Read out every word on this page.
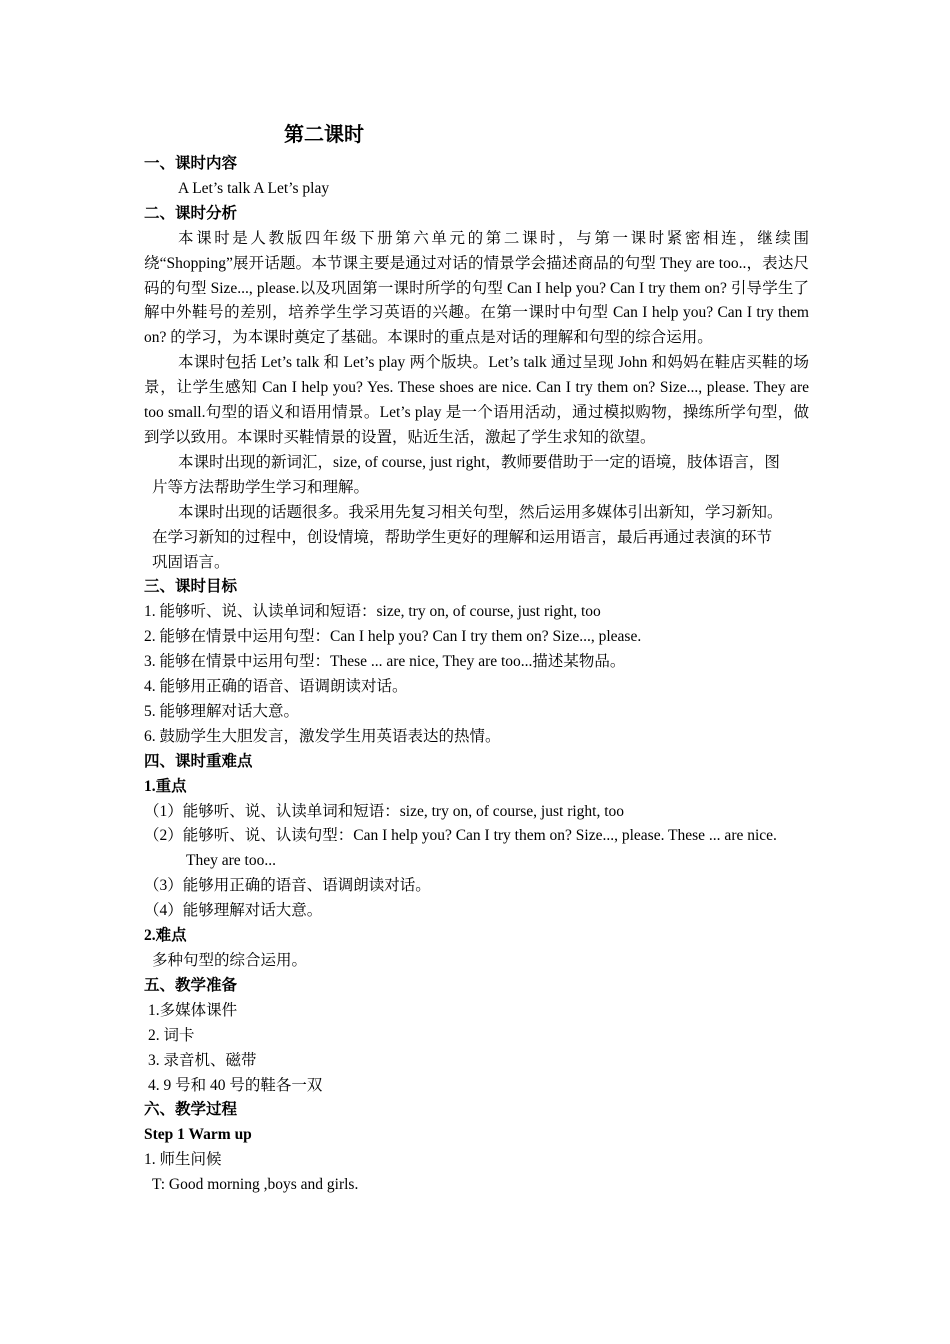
第二课时
一、课时内容
A Let’s talk A Let’s play
二、课时分析
本课时是人教版四年级下册第六单元的第二课时，与第一课时紧密相连，继续围绕“Shopping”展开话题。本节课主要是通过对话的情景学会描述商品的句型 They are too..，表达尺码的句型 Size..., please.以及巩固第一课时所学的句型 Can I help you? Can I try them on? 引导学生了解中外鞋号的差别，培养学生学习英语的兴趣。在第一课时中句型 Can I help you? Can I try them on? 的学习，为本课时奠定了基础。本课时的重点是对话的理解和句型的综合运用。
本课时包括 Let’s talk 和 Let’s play 两个版块。Let’s talk 通过呈现 John 和妈妈在鞋店买鞋的场景，让学生感知 Can I help you? Yes. These shoes are nice. Can I try them on? Size..., please. They are too small.句型的语义和语用情景。Let’s play 是一个语用活动，通过模拟购物，操练所学句型，做到学以致用。本课时买鞋情景的设置，贴近生活，激起了学生求知的欲望。
本课时出现的新词汇，size, of course, just right，教师要借助于一定的语境，肢体语言，图
片等方法帮助学生学习和理解。
本课时出现的话题很多。我采用先复习相关句型，然后运用多媒体引出新知，学习新知。
在学习新知的过程中，创设情境，帮助学生更好的理解和运用语言，最后再通过表演的环节
巩固语言。
三、课时目标
1. 能够听、说、认读单词和短语：size, try on, of course, just right, too
2. 能够在情景中运用句型：Can I help you? Can I try them on? Size..., please.
3. 能够在情景中运用句型：These ... are nice, They are too...描述某物品。
4. 能够用正确的语音、语调朗读对话。
5. 能够理解对话大意。
6. 鼓励学生大胆发言，激发学生用英语表达的热情。
四、课时重难点
1.重点
（1）能够听、说、认读单词和短语：size, try on, of course, just right, too
（2）能够听、说、认读句型：Can I help you? Can I try them on? Size..., please. These ... are nice. They are too...
（3）能够用正确的语音、语调朗读对话。
（4）能够理解对话大意。
2.难点
多种句型的综合运用。
五、教学准备
1.多媒体课件
2. 词卡
3. 录音机、磁带
4. 9 号和 40 号的鞋各一双
六、教学过程
Step 1 Warm up
1. 师生问候
T: Good morning ,boys and girls.
